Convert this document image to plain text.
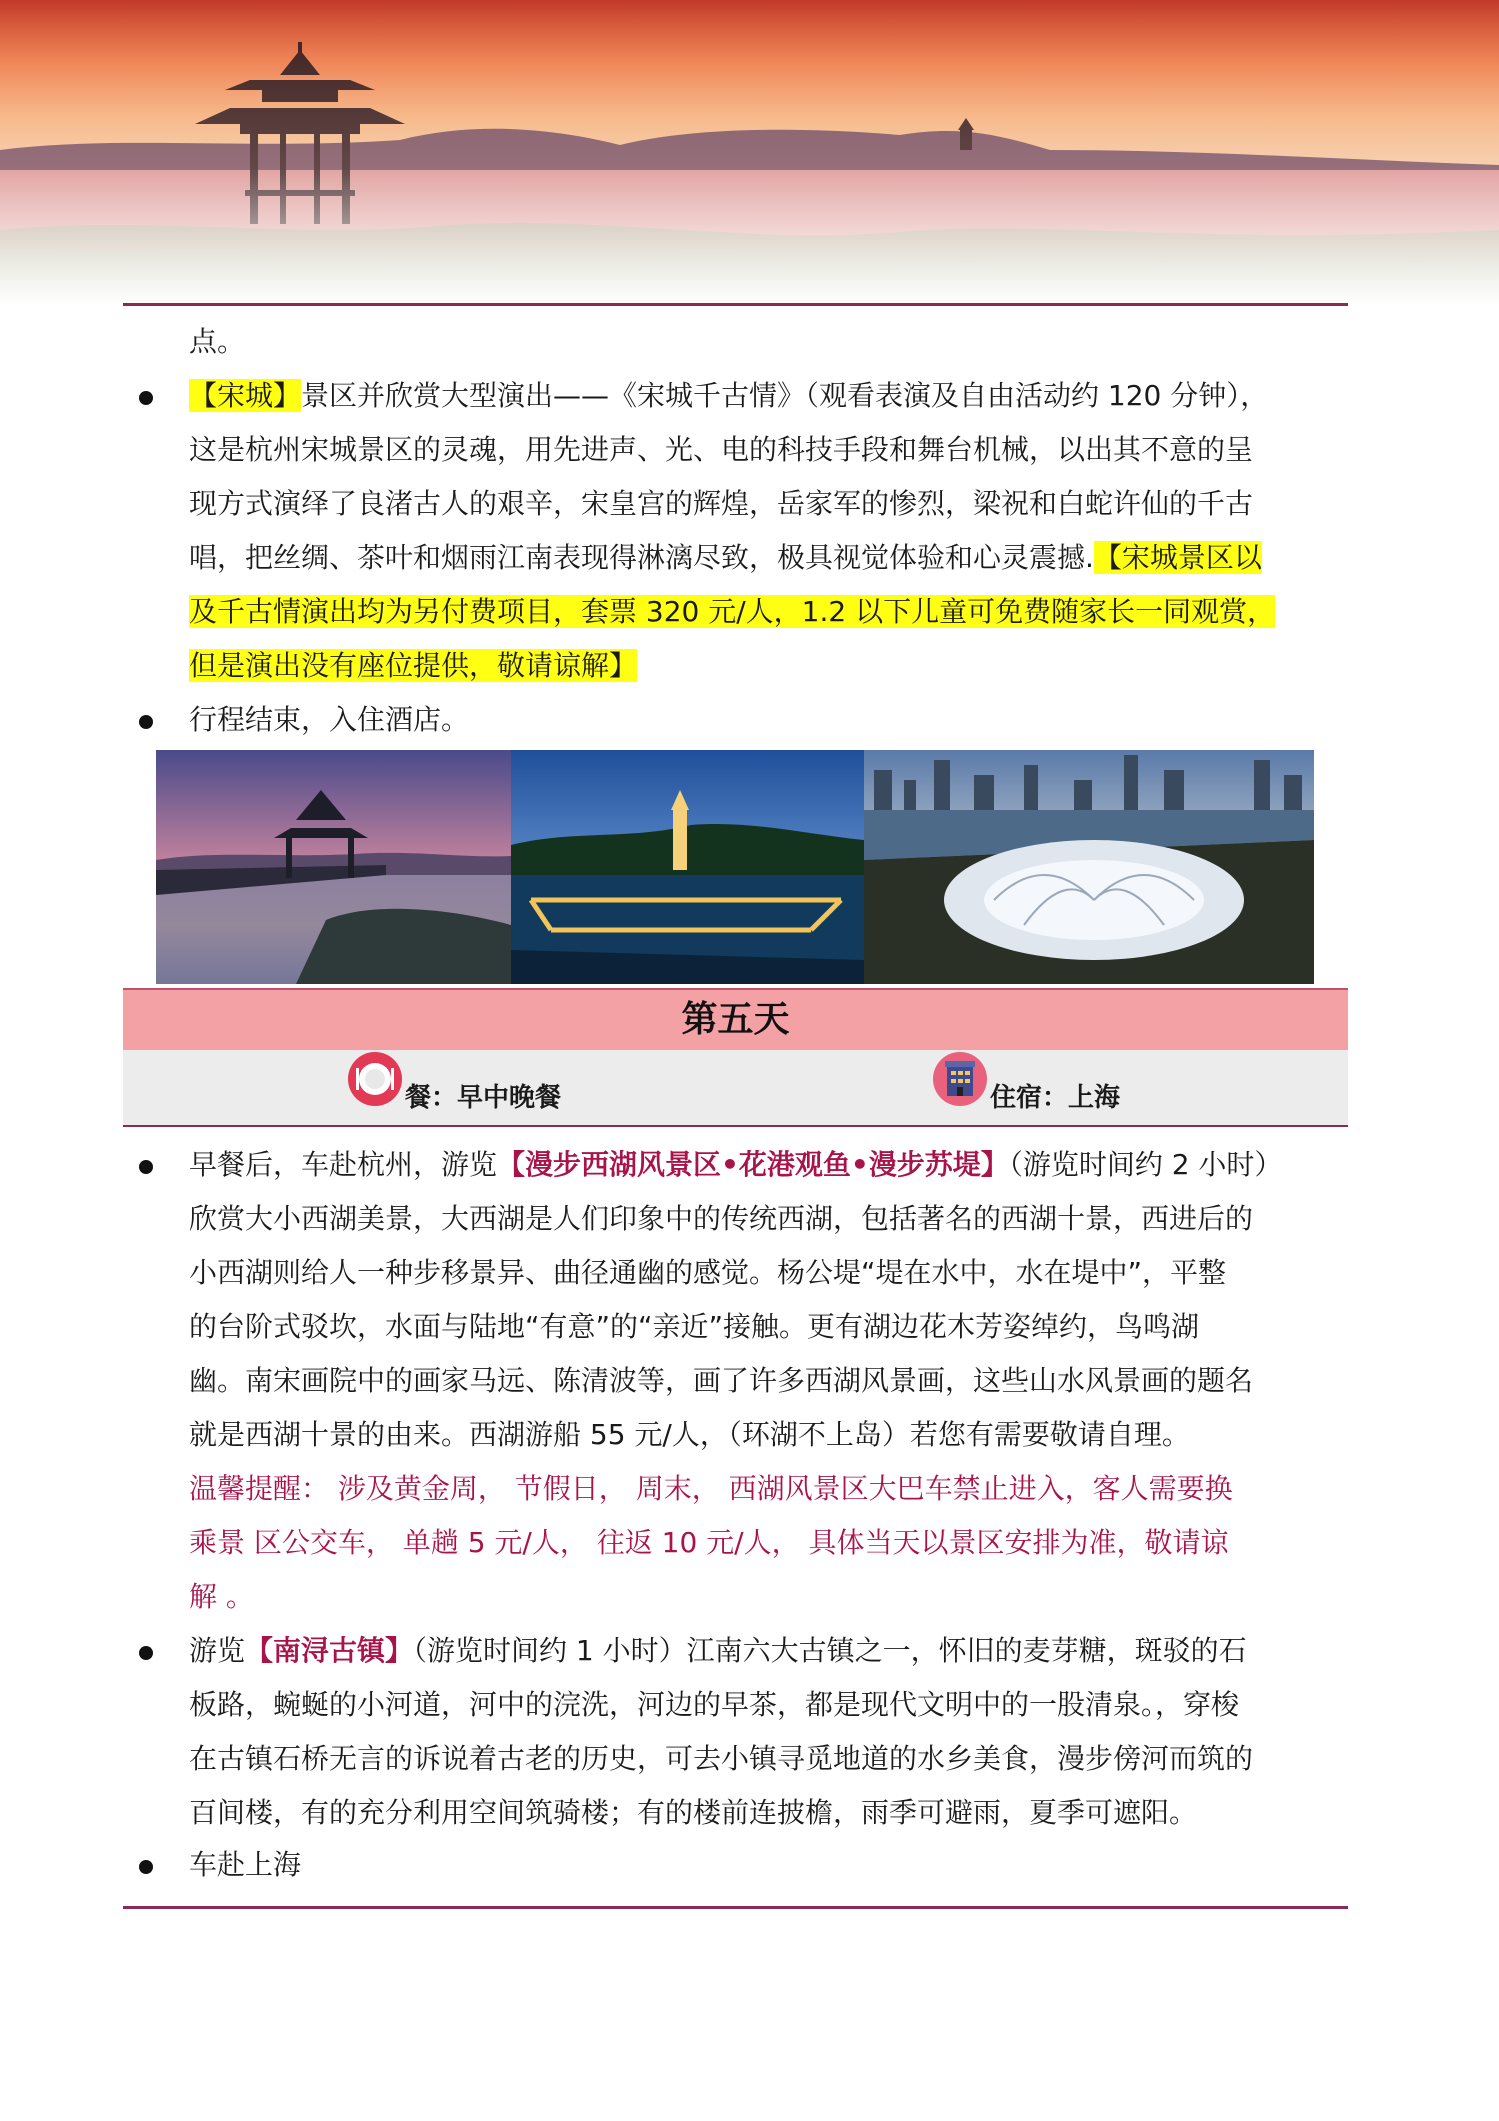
点。
【宋城】景区并欣赏大型演出——《宋城千古情》（观看表演及自由活动约 120 分钟），
这是杭州宋城景区的灵魂，用先进声、光、电的科技手段和舞台机械，以出其不意的呈
现方式演绎了良渚古人的艰辛，宋皇宫的辉煌，岳家军的惨烈，梁祝和白蛇许仙的千古
唱，把丝绸、茶叶和烟雨江南表现得淋漓尽致，极具视觉体验和心灵震撼.【宋城景区以
及千古情演出均为另付费项目，套票 320 元/人，1.2 以下儿童可免费随家长一同观赏，
但是演出没有座位提供，敬请谅解】
行程结束，入住酒店。
第五天
餐：早中晚餐	住宿：上海
早餐后，车赴杭州，游览【漫步西湖风景区•花港观鱼•漫步苏堤】（游览时间约 2 小时）
欣赏大小西湖美景，大西湖是人们印象中的传统西湖，包括著名的西湖十景，西进后的
小西湖则给人一种步移景异、曲径通幽的感觉。杨公堤“堤在水中，水在堤中”，平整
的台阶式驳坎，水面与陆地“有意”的“亲近”接触。更有湖边花木芳姿绰约，鸟鸣湖
幽。南宋画院中的画家马远、陈清波等，画了许多西湖风景画，这些山水风景画的题名
就是西湖十景的由来。西湖游船 55 元/人，（环湖不上岛）若您有需要敬请自理。
温馨提醒： 涉及黄金周， 节假日， 周末， 西湖风景区大巴车禁止进入，客人需要换
乘景 区公交车， 单趟 5 元/人， 往返 10 元/人， 具体当天以景区安排为准，敬请谅
解 。
游览【南浔古镇】（游览时间约 1 小时）江南六大古镇之一，怀旧的麦芽糖，斑驳的石
板路，蜿蜒的小河道，河中的浣洗，河边的早茶，都是现代文明中的一股清泉。，穿梭
在古镇石桥无言的诉说着古老的历史，可去小镇寻觅地道的水乡美食，漫步傍河而筑的
百间楼，有的充分利用空间筑骑楼；有的楼前连披檐，雨季可避雨，夏季可遮阳。
车赴上海
